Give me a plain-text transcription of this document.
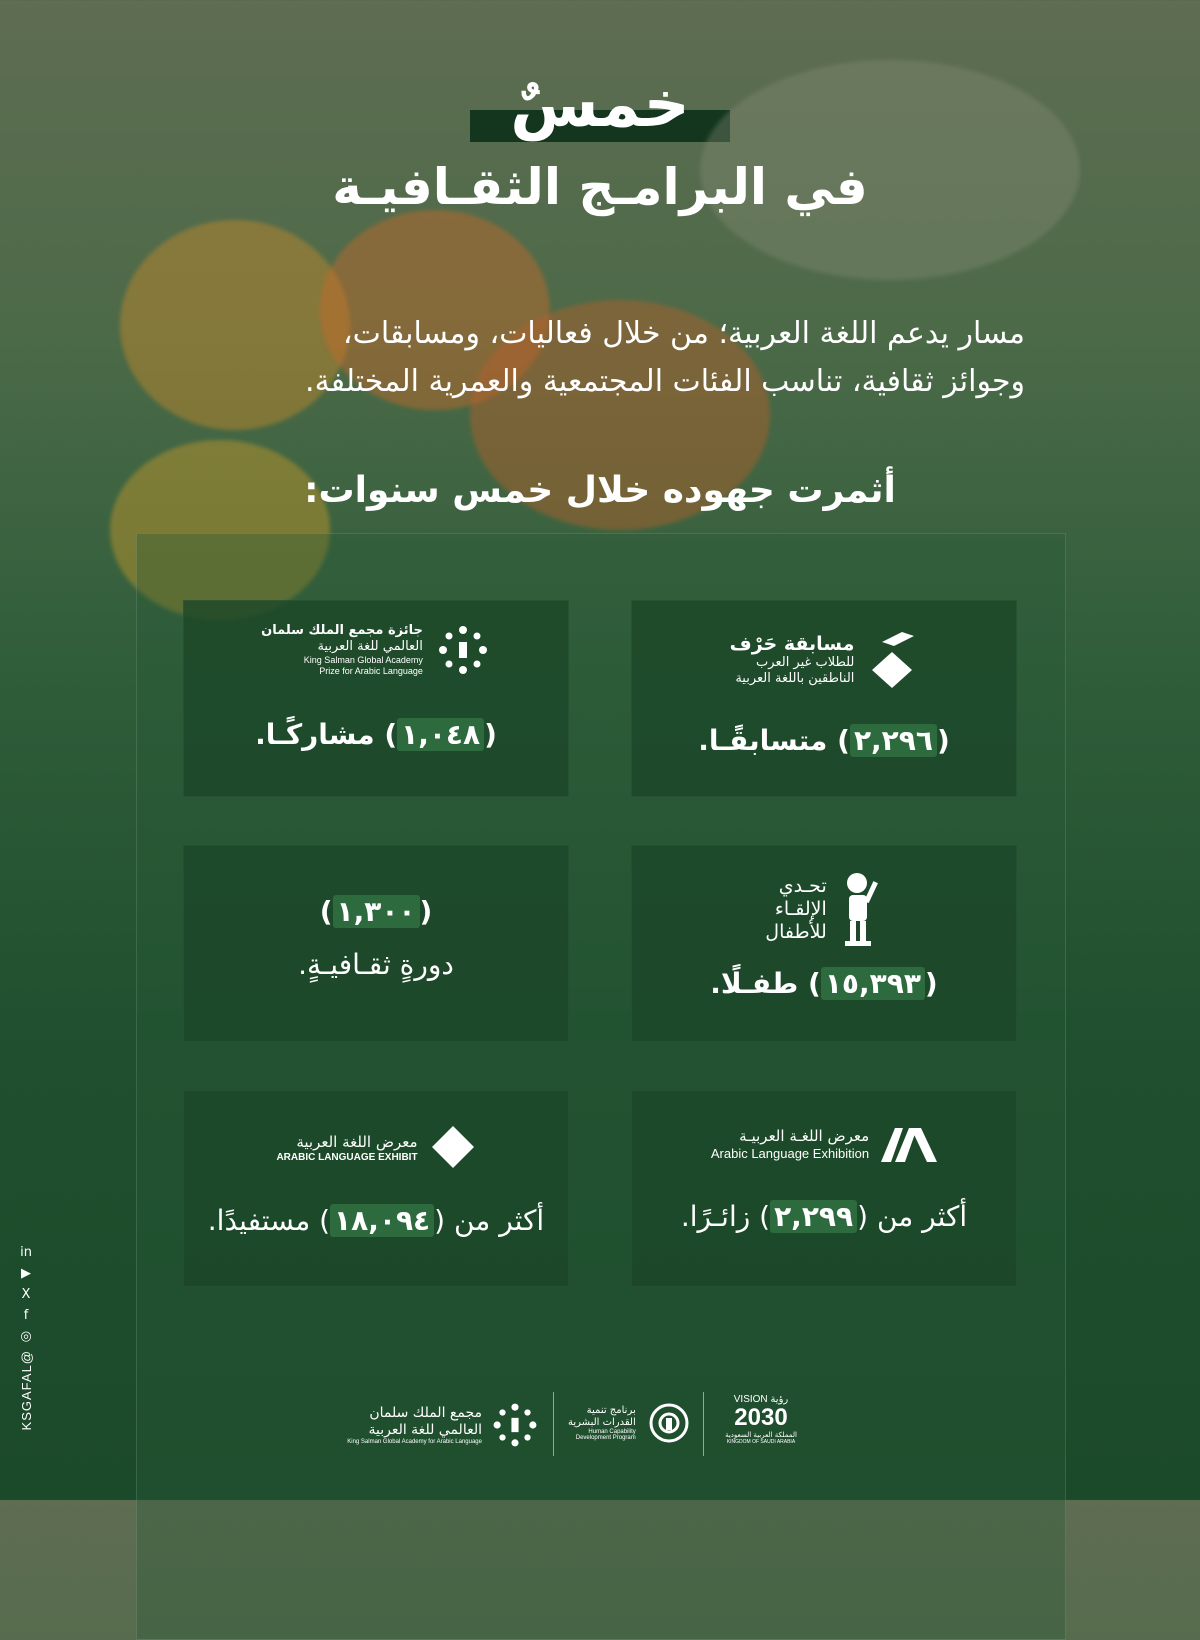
خمسٌ

في البرامـج الثقـافيـة

مسار يدعم اللغة العربية؛ من خلال فعاليات، ومسابقات،
وجوائز ثقافية، تناسب الفئات المجتمعية والعمرية المختلفة.
أثمرت جهوده خلال خمس سنوات:
مسابقة حَرْف
للطلاب غير العرب
الناطقين باللغة العربية
(٢,٢٩٦) متسابقًـا.
جائزة مجمع الملك سلمان
العالمي للغة العربية
King Salman Global Academy
Prize for Arabic Language
(١,٠٤٨) مشاركًـا.
تحـدي
الإلقـاء
للأطفال
(١٥,٣٩٣) طفـلًا.
(١,٣٠٠)
دورةٍ ثقـافيـةٍ.
معرض اللغـة العربيـة
Arabic Language Exhibition
أكثر من (٢,٢٩٩) زائـرًا.
معرض اللغة العربية
ARABIC LANGUAGE EXHIBIT
أكثر من (١٨,٠٩٤) مستفيدًا.
مجمع الملك سلمان
العالمي للغة العربية
King Salman Global Academy for Arabic Language
برنامج تنمية
القدرات البشرية
Human Capability
Development Program
VISION رؤية
2030
المملكة العربية السعودية
KINGDOM OF SAUDI ARABIA
in
▶
X
f
◎
@KSGAFAL
